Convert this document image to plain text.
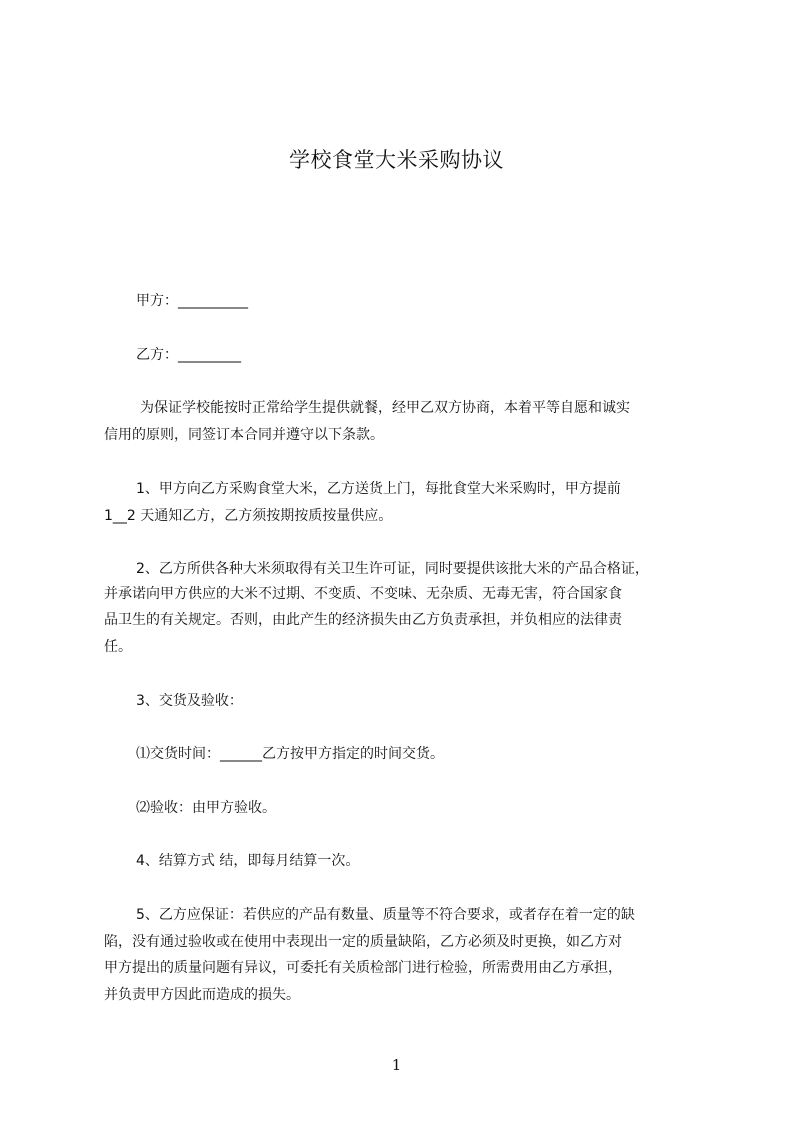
学校食堂大米采购协议
甲方：__________
乙方：_________
为保证学校能按时正常给学生提供就餐，经甲乙双方协商，本着平等自愿和诚实
信用的原则，同签订本合同并遵守以下条款。
1、甲方向乙方采购食堂大米，乙方送货上门，每批食堂大米采购时，甲方提前
1__2 天通知乙方，乙方须按期按质按量供应。
2、乙方所供各种大米须取得有关卫生许可证，同时要提供该批大米的产品合格证，
并承诺向甲方供应的大米不过期、不变质、不变味、无杂质、无毒无害，符合国家食
品卫生的有关规定。否则，由此产生的经济损失由乙方负责承担，并负相应的法律责
任。
3、交货及验收：
⑴交货时间：______乙方按甲方指定的时间交货。
⑵验收：由甲方验收。
4、结算方式 结，即每月结算一次。
5、乙方应保证：若供应的产品有数量、质量等不符合要求，或者存在着一定的缺
陷，没有通过验收或在使用中表现出一定的质量缺陷，乙方必须及时更换，如乙方对
甲方提出的质量问题有异议，可委托有关质检部门进行检验，所需费用由乙方承担，
并负责甲方因此而造成的损失。
1
